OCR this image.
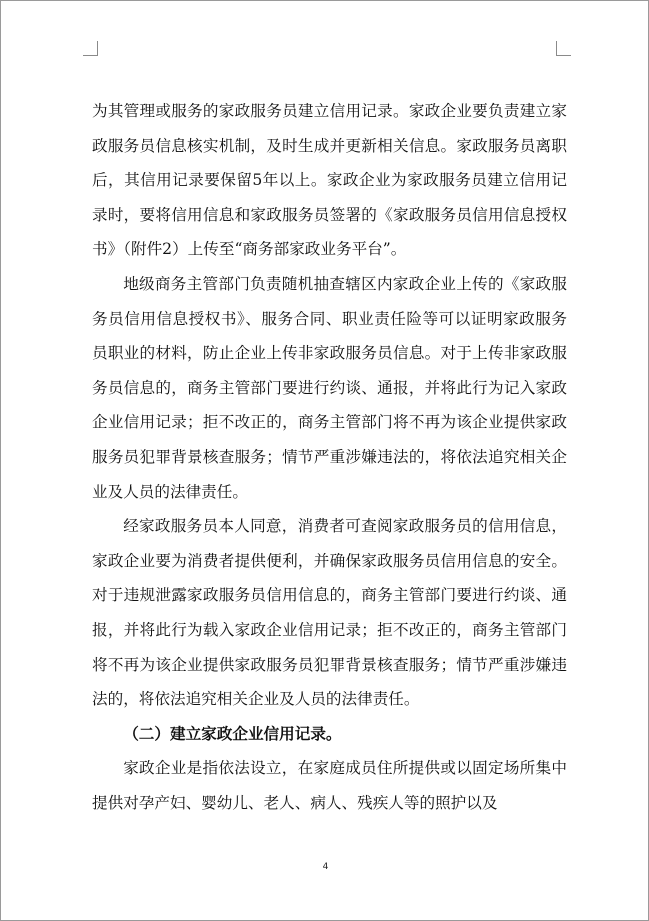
为其管理或服务的家政服务员建立信用记录。家政企业要负责建立家政服务员信息核实机制，及时生成并更新相关信息。家政服务员离职后，其信用记录要保留5年以上。家政企业为家政服务员建立信用记录时，要将信用信息和家政服务员签署的《家政服务员信用信息授权书》（附件2）上传至“商务部家政业务平台”。

地级商务主管部门负责随机抽查辖区内家政企业上传的《家政服务员信用信息授权书》、服务合同、职业责任险等可以证明家政服务员职业的材料，防止企业上传非家政服务员信息。对于上传非家政服务员信息的，商务主管部门要进行约谈、通报，并将此行为记入家政企业信用记录；拒不改正的，商务主管部门将不再为该企业提供家政服务员犯罪背景核查服务；情节严重涉嫌违法的，将依法追究相关企业及人员的法律责任。

经家政服务员本人同意，消费者可查阅家政服务员的信用信息，家政企业要为消费者提供便利，并确保家政服务员信用信息的安全。对于违规泄露家政服务员信用信息的，商务主管部门要进行约谈、通报，并将此行为载入家政企业信用记录；拒不改正的，商务主管部门将不再为该企业提供家政服务员犯罪背景核查服务；情节严重涉嫌违法的，将依法追究相关企业及人员的法律责任。

（二）建立家政企业信用记录。

家政企业是指依法设立，在家庭成员住所提供或以固定场所集中提供对孕产妇、婴幼儿、老人、病人、残疾人等的照护以及

4
